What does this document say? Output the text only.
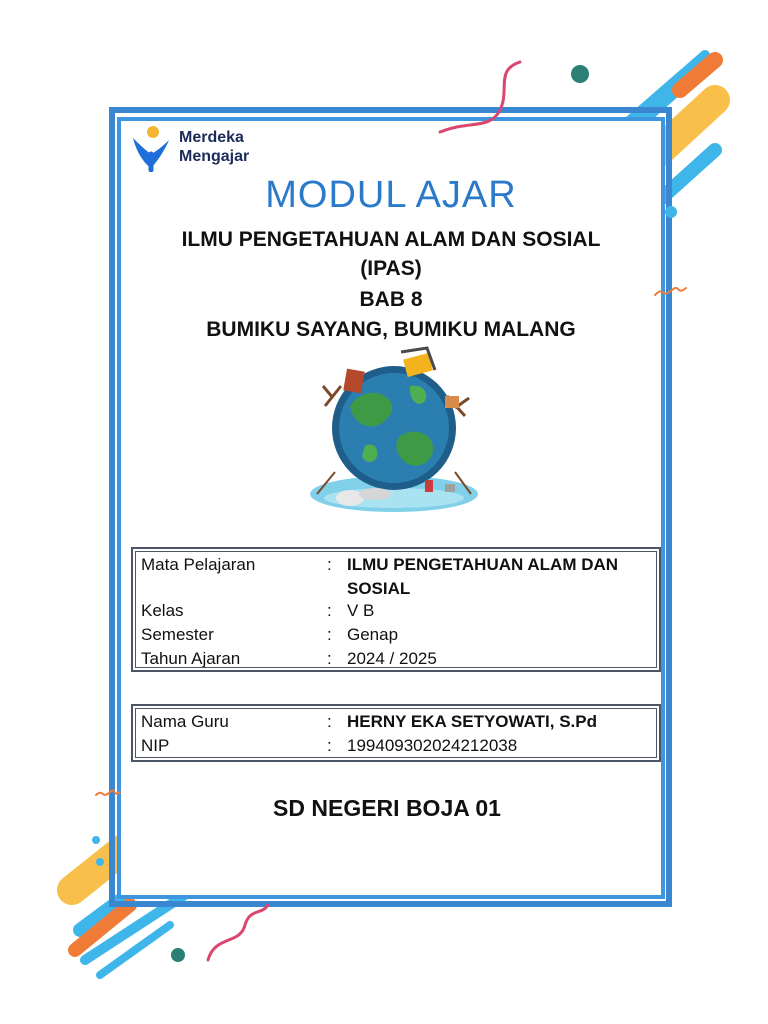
Merdeka
Mengajar
MODUL AJAR
ILMU PENGETAHUAN ALAM DAN SOSIAL
(IPAS)
BAB 8
BUMIKU SAYANG, BUMIKU MALANG
Mata Pelajaran	: ILMU PENGETAHUAN ALAM DAN SOSIAL
Kelas	: V B
Semester	: Genap
Tahun Ajaran	: 2024 / 2025
Nama Guru	: HERNY EKA SETYOWATI, S.Pd
NIP	: 199409302024212038
SD NEGERI BOJA 01
